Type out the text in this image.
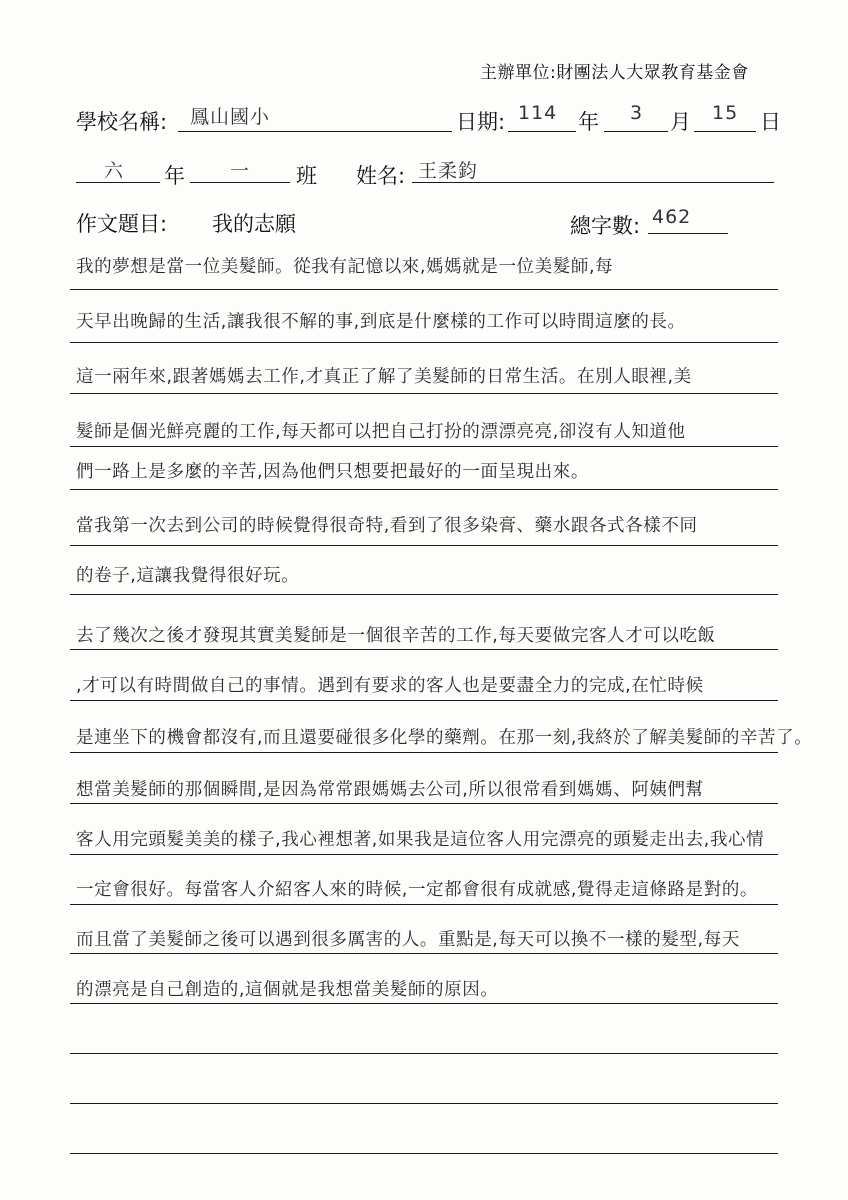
主辦單位:財團法人大眾教育基金會
學校名稱: 鳳山國小	日期: 114 年 3 月 15 日
六 年 一 班 姓名: 王柔鈞
作文題目: 我的志願	總字數: 462
我的夢想是當一位美髮師。從我有記憶以來,媽媽就是一位美髮師,每
天早出晚歸的生活,讓我很不解的事,到底是什麼樣的工作可以時間這麼的長。
這一兩年來,跟著媽媽去工作,才真正了解了美髮師的日常生活。在別人眼裡,美
髮師是個光鮮亮麗的工作,每天都可以把自己打扮的漂漂亮亮,卻沒有人知道他
們一路上是多麼的辛苦,因為他們只想要把最好的一面呈現出來。
當我第一次去到公司的時候覺得很奇特,看到了很多染膏、藥水跟各式各樣不同
的卷子,這讓我覺得很好玩。
去了幾次之後才發現其實美髮師是一個很辛苦的工作,每天要做完客人才可以吃飯
,才可以有時間做自己的事情。遇到有要求的客人也是要盡全力的完成,在忙時候
是連坐下的機會都沒有,而且還要碰很多化學的藥劑。在那一刻,我終於了解美髮師的辛苦了。
想當美髮師的那個瞬間,是因為常常跟媽媽去公司,所以很常看到媽媽、阿姨們幫
客人用完頭髮美美的樣子,我心裡想著,如果我是這位客人用完漂亮的頭髮走出去,我心情
一定會很好。每當客人介紹客人來的時候,一定都會很有成就感,覺得走這條路是對的。
而且當了美髮師之後可以遇到很多厲害的人。重點是,每天可以換不一樣的髮型,每天
的漂亮是自己創造的,這個就是我想當美髮師的原因。
